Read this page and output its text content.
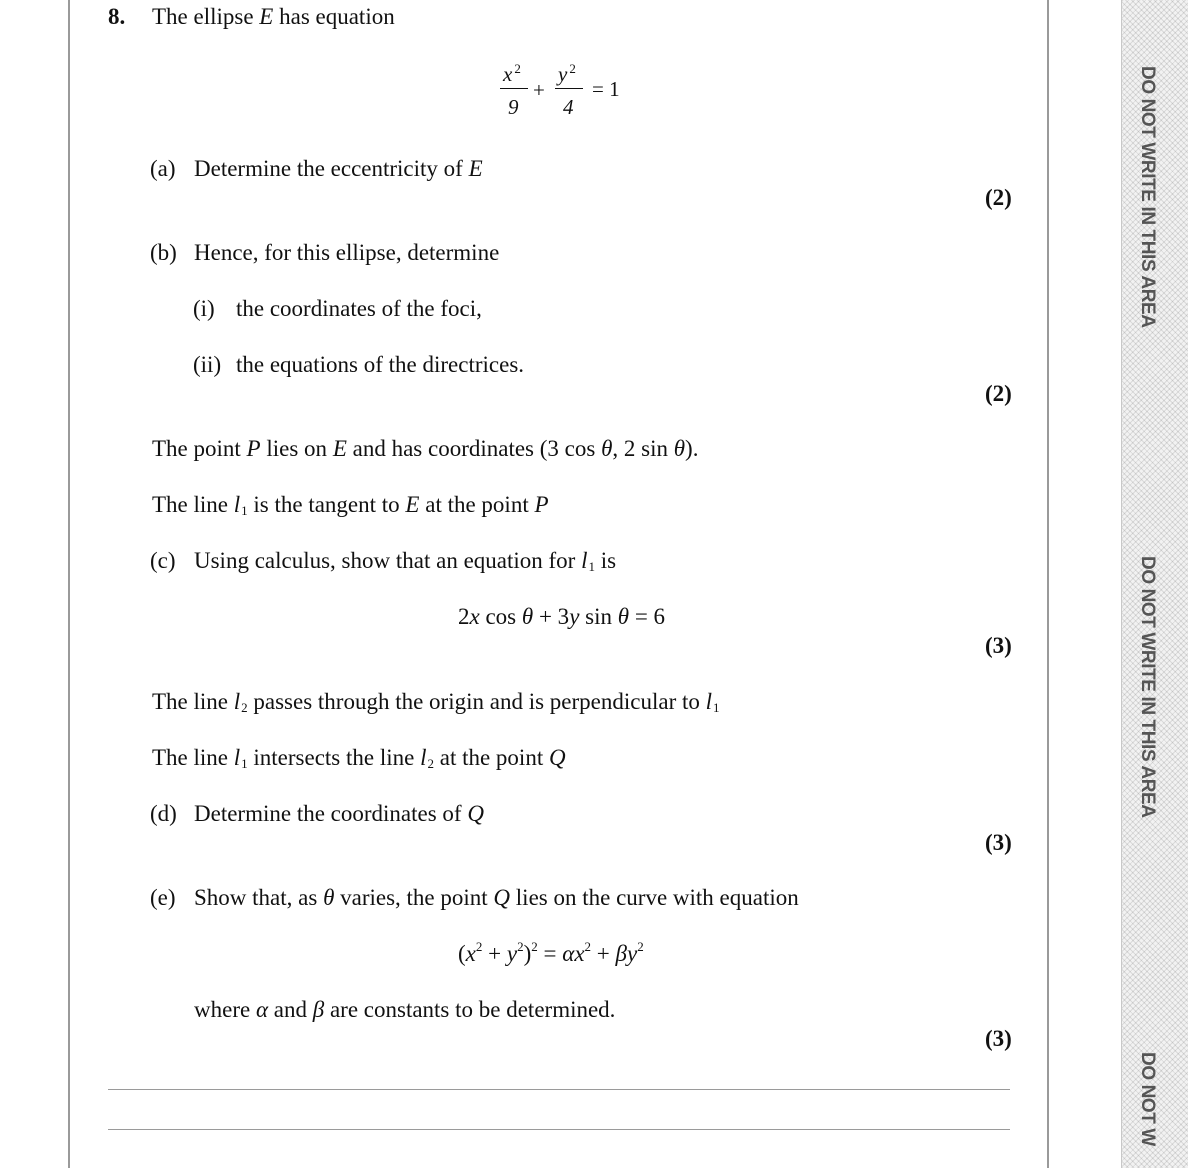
DO NOT WRITE IN THIS AREA
DO NOT WRITE IN THIS AREA
DO NOT W
8. The ellipse E has equation
x $^2$
9
+
y $^2$
4
= 1
(a) Determine the eccentricity of E
(2)
(b) Hence, for this ellipse, determine
(i) the coordinates of the foci,
(ii) the equations of the directrices.
(2)
The point P lies on E and has coordinates (3 cos θ, 2 sin θ).
The line $l_1$ is the tangent to E at the point P
(c) Using calculus, show that an equation for $l_1$ is
2x cos θ + 3y sin θ = 6
(3)
The line $l_2$ passes through the origin and is perpendicular to $l_1$
The line $l_1$ intersects the line $l_2$ at the point Q
(d) Determine the coordinates of Q
(3)
(e) Show that, as θ varies, the point Q lies on the curve with equation
$(x^2 + y^2)^2 = \alpha x^2 + \beta y^2$
where α and β are constants to be determined.
(3)
